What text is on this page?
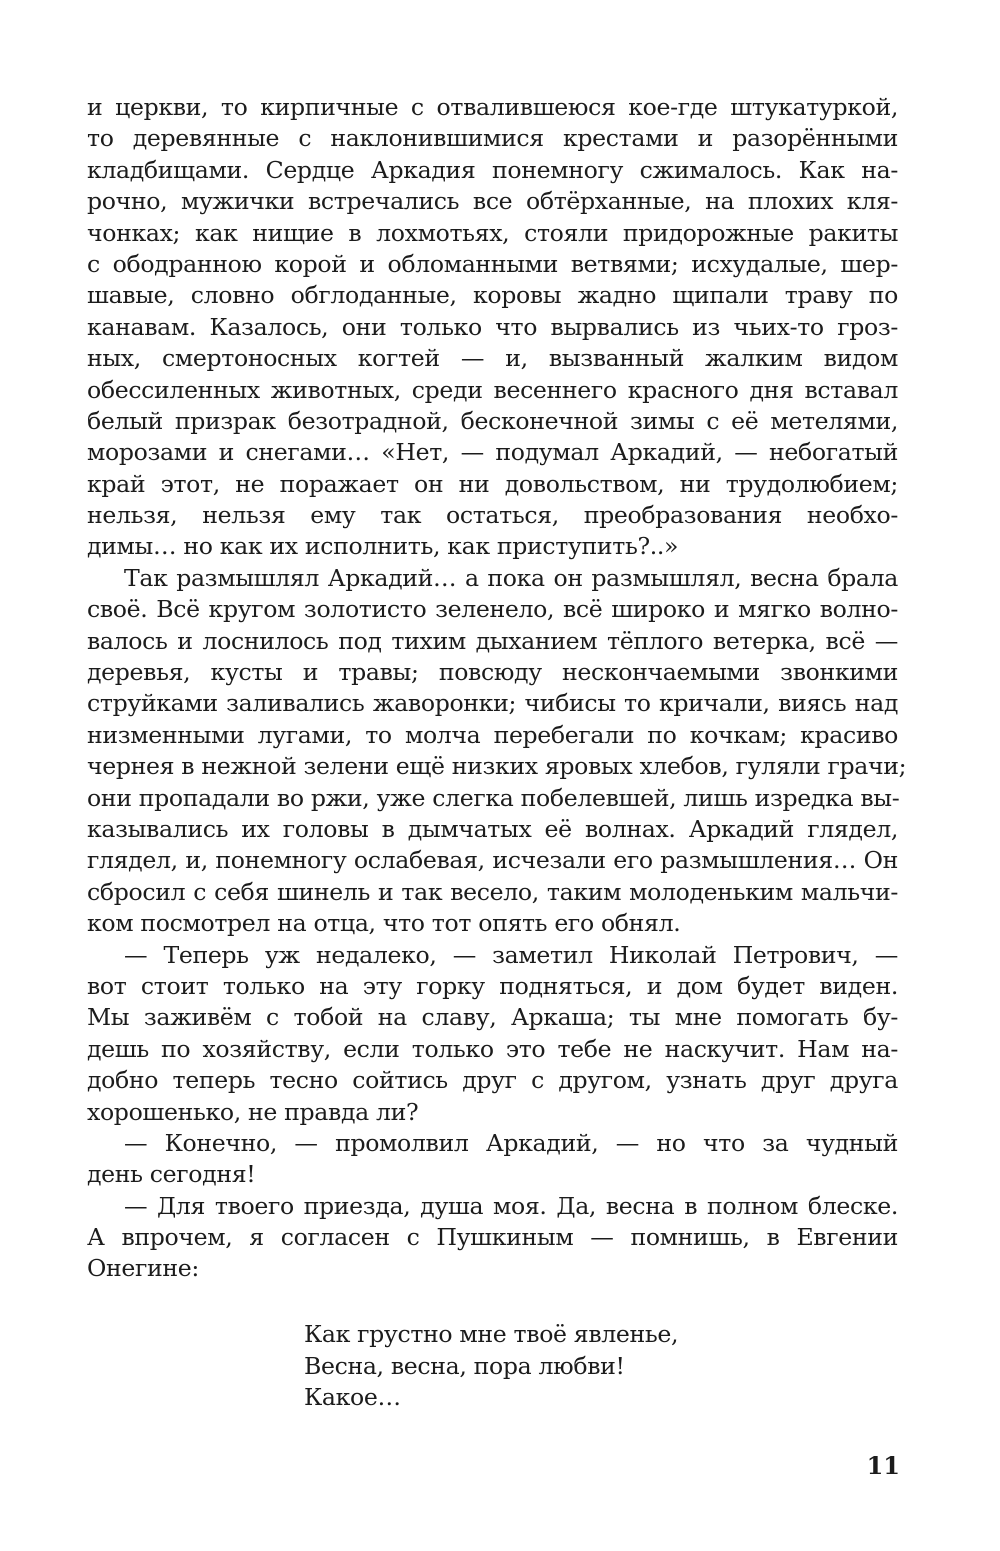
и церкви, то кирпичные с отвалившеюся кое-где штукатуркой,
то деревянные с наклонившимися крестами и разорёнными
кладбищами. Сердце Аркадия понемногу сжималось. Как на-
рочно, мужички встречались все обтёрханные, на плохих кля-
чонках; как нищие в лохмотьях, стояли придорожные ракиты
с ободранною корой и обломанными ветвями; исхудалые, шер-
шавые, словно обглоданные, коровы жадно щипали траву по
канавам. Казалось, они только что вырвались из чьих-то гроз-
ных, смертоносных когтей — и, вызванный жалким видом
обессиленных животных, среди весеннего красного дня вставал
белый призрак безотрадной, бесконечной зимы с её метелями,
морозами и снегами… «Нет, — подумал Аркадий, — небогатый
край этот, не поражает он ни довольством, ни трудолюбием;
нельзя, нельзя ему так остаться, преобразования необхо-
димы… но как их исполнить, как приступить?..»
Так размышлял Аркадий… а пока он размышлял, весна брала
своё. Всё кругом золотисто зеленело, всё широко и мягко волно-
валось и лоснилось под тихим дыханием тёплого ветерка, всё —
деревья, кусты и травы; повсюду нескончаемыми звонкими
струйками заливались жаворонки; чибисы то кричали, виясь над
низменными лугами, то молча перебегали по кочкам; красиво
чернея в нежной зелени ещё низких яровых хлебов, гуляли грачи;
они пропадали во ржи, уже слегка побелевшей, лишь изредка вы-
казывались их головы в дымчатых её волнах. Аркадий глядел,
глядел, и, понемногу ослабевая, исчезали его размышления… Он
сбросил с себя шинель и так весело, таким молоденьким мальчи-
ком посмотрел на отца, что тот опять его обнял.
— Теперь уж недалеко, — заметил Николай Петрович, —
вот стоит только на эту горку подняться, и дом будет виден.
Мы заживём с тобой на славу, Аркаша; ты мне помогать бу-
дешь по хозяйству, если только это тебе не наскучит. Нам на-
добно теперь тесно сойтись друг с другом, узнать друг друга
хорошенько, не правда ли?
— Конечно, — промолвил Аркадий, — но что за чудный
день сегодня!
— Для твоего приезда, душа моя. Да, весна в полном блеске.
А впрочем, я согласен с Пушкиным — помнишь, в Евгении
Онегине:
Как грустно мне твоё явленье,
Весна, весна, пора любви!
Какое…
11
